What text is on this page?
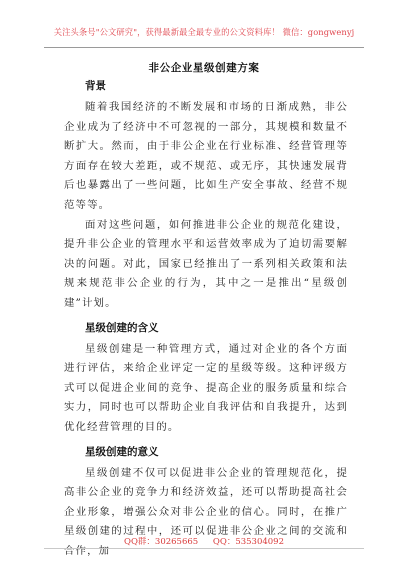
关注头条号"公文研究"，获得最新最全最专业的公文资料库！ 微信：gongwenyj
非公企业星级创建方案
背景

随着我国经济的不断发展和市场的日渐成熟，非公企业成为了经济中不可忽视的一部分，其规模和数量不断扩大。然而，由于非公企业在行业标准、经营管理等方面存在较大差距，或不规范、或无序，其快速发展背后也暴露出了一些问题，比如生产安全事故、经营不规范等等。

面对这些问题，如何推进非公企业的规范化建设，提升非公企业的管理水平和运营效率成为了迫切需要解决的问题。对此，国家已经推出了一系列相关政策和法规来规范非公企业的行为，其中之一是推出“星级创建”计划。

星级创建的含义

星级创建是一种管理方式，通过对企业的各个方面进行评估，来给企业评定一定的星级等级。这种评级方式可以促进企业间的竞争、提高企业的服务质量和综合实力，同时也可以帮助企业自我评估和自我提升，达到优化经营管理的目的。

星级创建的意义

星级创建不仅可以促进非公企业的管理规范化，提高非公企业的竞争力和经济效益，还可以帮助提高社会企业形象，增强公众对非公企业的信心。同时，在推广星级创建的过程中，还可以促进非公企业之间的交流和合作，加

QQ群：30265665 QQ：535304092
